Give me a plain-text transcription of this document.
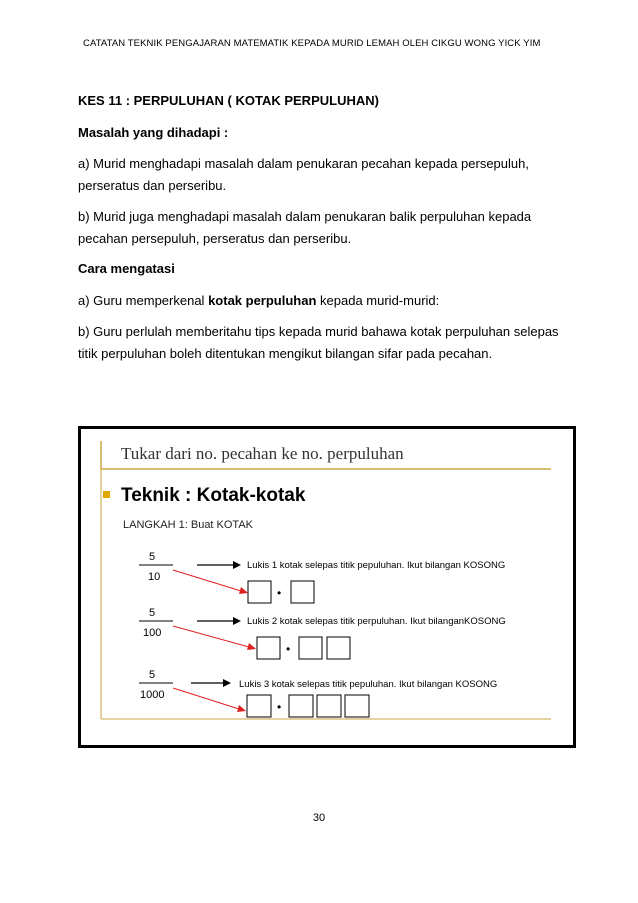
CATATAN TEKNIK PENGAJARAN MATEMATIK KEPADA MURID LEMAH OLEH CIKGU WONG YICK YIM
KES 11 : PERPULUHAN ( KOTAK PERPULUHAN)
Masalah yang dihadapi :
a) Murid menghadapi masalah dalam penukaran pecahan kepada persepuluh, perseratus dan perseribu.
b) Murid juga menghadapi masalah dalam penukaran balik perpuluhan kepada pecahan persepuluh, perseratus dan perseribu.
Cara mengatasi
a) Guru memperkenal kotak perpuluhan kepada murid-murid:
b) Guru perlulah memberitahu tips kepada murid bahawa kotak perpuluhan selepas titik perpuluhan boleh ditentukan mengikut bilangan sifar pada pecahan.
Tukar dari no. pecahan ke no. perpuluhan
Teknik : Kotak-kotak
LANGKAH 1: Buat KOTAK
5
10
Lukis 1 kotak selepas titik pepuluhan. Ikut bilangan KOSONG
•
5
100
Lukis 2 kotak selepas titik perpuluhan. Ikut bilanganKOSONG
•
5
1000
Lukis 3 kotak selepas titik pepuluhan. Ikut bilangan KOSONG
•
30
